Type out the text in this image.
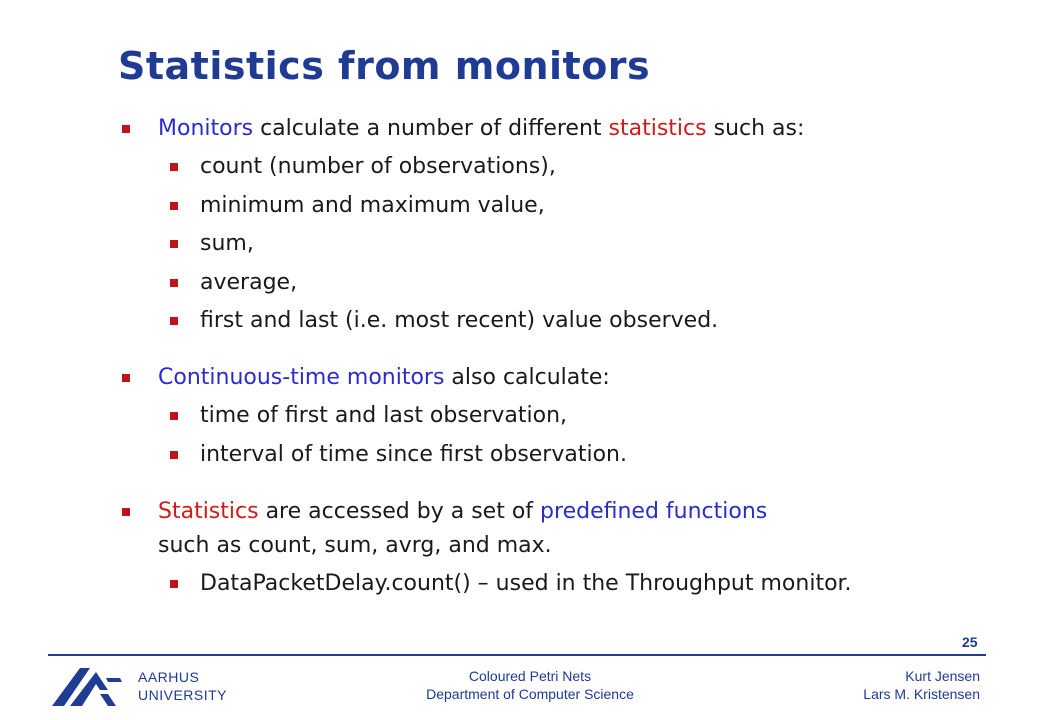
Statistics from monitors
Monitors calculate a number of different statistics such as:
count (number of observations),
minimum and maximum value,
sum,
average,
first and last (i.e. most recent) value observed.
Continuous-time monitors also calculate:
time of first and last observation,
interval of time since first observation.
Statistics are accessed by a set of predefined functions
such as count, sum, avrg, and max.
DataPacketDelay.count() – used in the Throughput monitor.
25
AARHUS
UNIVERSITY
Coloured Petri Nets
Department of Computer Science
Kurt Jensen
Lars M. Kristensen
